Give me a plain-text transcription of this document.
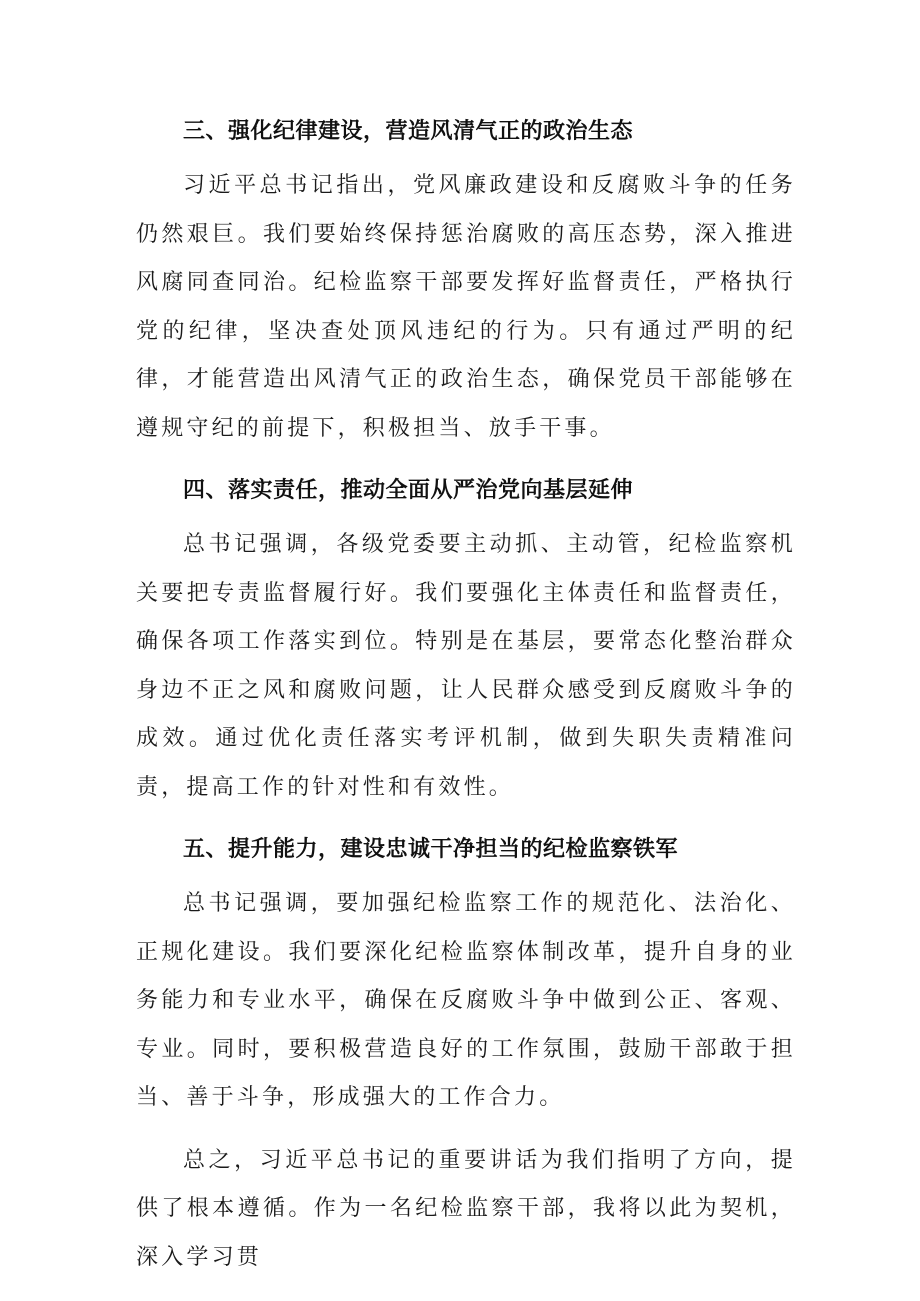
三、强化纪律建设，营造风清气正的政治生态

习近平总书记指出，党风廉政建设和反腐败斗争的任务仍然艰巨。我们要始终保持惩治腐败的高压态势，深入推进风腐同查同治。纪检监察干部要发挥好监督责任，严格执行党的纪律，坚决查处顶风违纪的行为。只有通过严明的纪律，才能营造出风清气正的政治生态，确保党员干部能够在遵规守纪的前提下，积极担当、放手干事。

四、落实责任，推动全面从严治党向基层延伸

总书记强调，各级党委要主动抓、主动管，纪检监察机关要把专责监督履行好。我们要强化主体责任和监督责任，确保各项工作落实到位。特别是在基层，要常态化整治群众身边不正之风和腐败问题，让人民群众感受到反腐败斗争的成效。通过优化责任落实考评机制，做到失职失责精准问责，提高工作的针对性和有效性。

五、提升能力，建设忠诚干净担当的纪检监察铁军

总书记强调，要加强纪检监察工作的规范化、法治化、正规化建设。我们要深化纪检监察体制改革，提升自身的业务能力和专业水平，确保在反腐败斗争中做到公正、客观、专业。同时，要积极营造良好的工作氛围，鼓励干部敢于担当、善于斗争，形成强大的工作合力。

总之，习近平总书记的重要讲话为我们指明了方向，提供了根本遵循。作为一名纪检监察干部，我将以此为契机，深入学习贯
